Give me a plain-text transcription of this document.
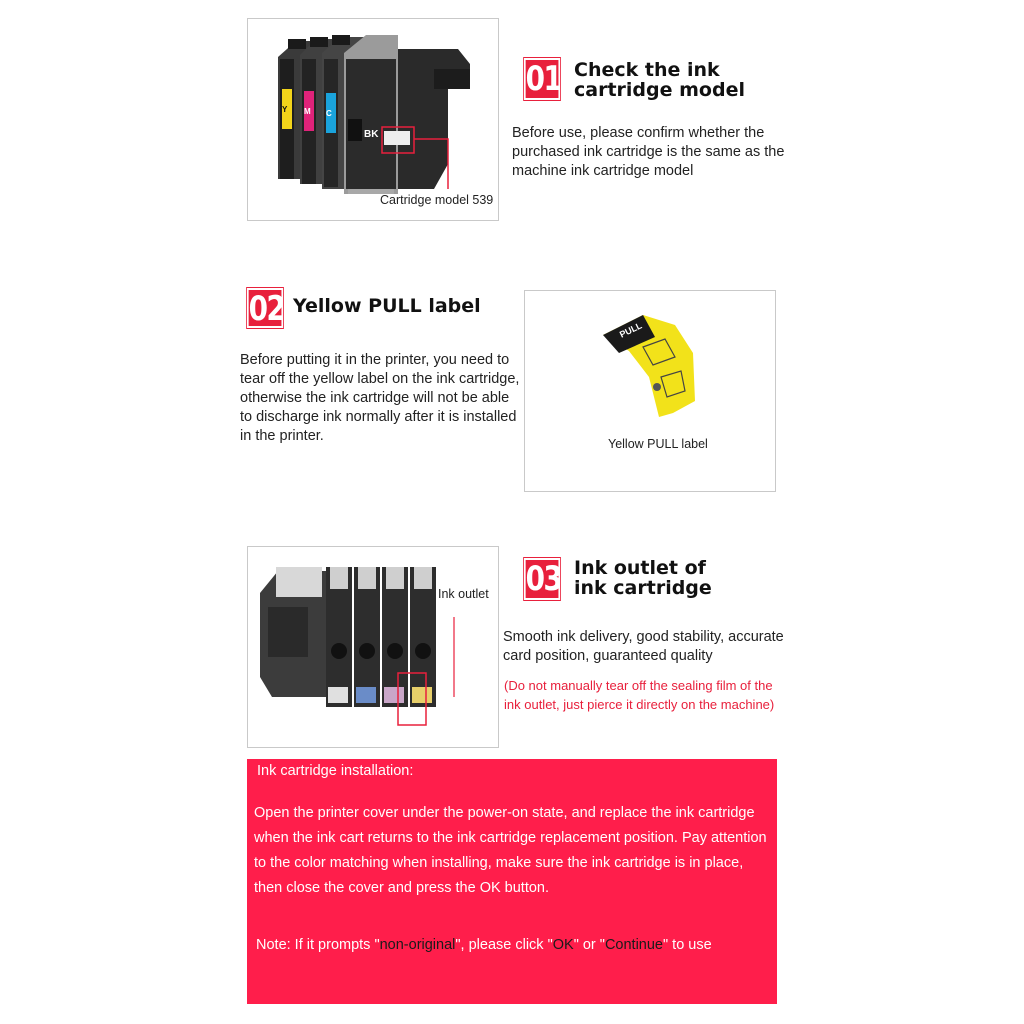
Y M C
BK
Cartridge model 539
01 Check the ink
cartridge model
Before use, please confirm whether the purchased ink cartridge is the same as the machine ink cartridge model
02 Yellow PULL label
Before putting it in the printer, you need to tear off the yellow label on the ink cartridge, otherwise the ink cartridge will not be able to discharge ink normally after it is installed in the printer.
PULL
Yellow PULL label
Ink outlet 03 Ink outlet of
ink cartridge
Smooth ink delivery, good stability, accurate card position, guaranteed quality
(Do not manually tear off the sealing film of the ink outlet, just pierce it directly on the machine)
Ink cartridge installation:
Open the printer cover under the power-on state, and replace the ink cartridge when the ink cart returns to the ink cartridge replacement position. Pay attention to the color matching when installing, make sure the ink cartridge is in place, then close the cover and press the OK button.
Note: If it prompts "non-original", please click "OK" or "Continue" to use
